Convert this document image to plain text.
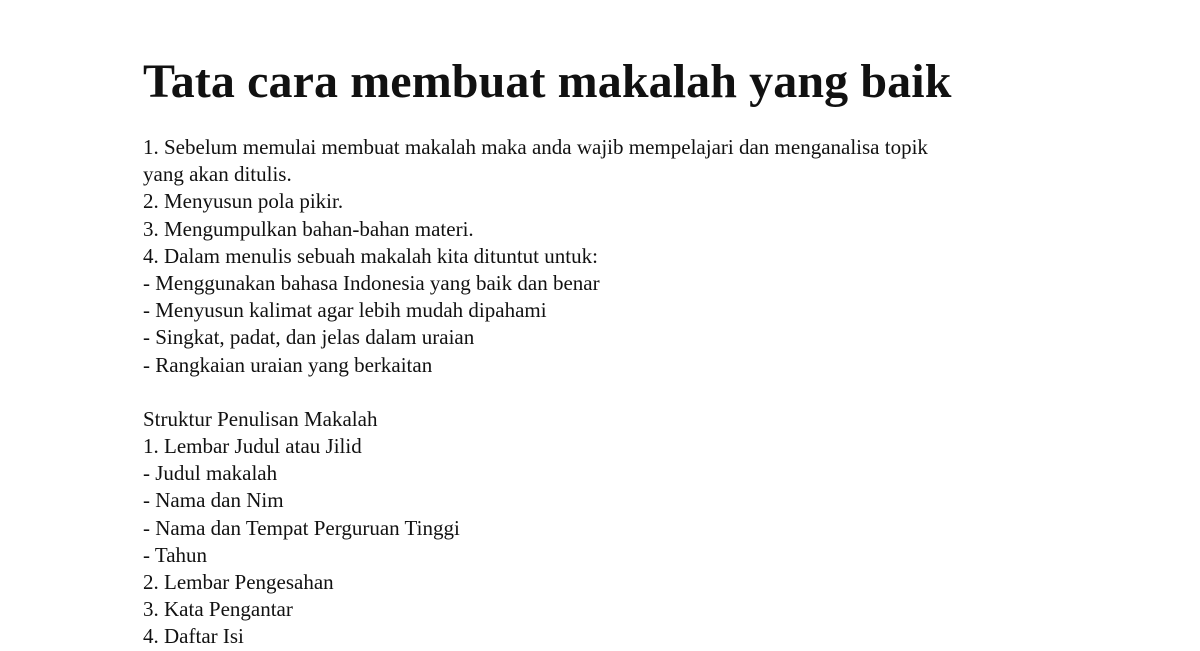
Tata cara membuat makalah yang baik
1. Sebelum memulai membuat makalah maka anda wajib mempelajari dan menganalisa topik
yang akan ditulis.
2. Menyusun pola pikir.
3. Mengumpulkan bahan-bahan materi.
4. Dalam menulis sebuah makalah kita dituntut untuk:
- Menggunakan bahasa Indonesia yang baik dan benar
- Menyusun kalimat agar lebih mudah dipahami
- Singkat, padat, dan jelas dalam uraian
- Rangkaian uraian yang berkaitan
Struktur Penulisan Makalah
1. Lembar Judul atau Jilid
- Judul makalah
- Nama dan Nim
- Nama dan Tempat Perguruan Tinggi
- Tahun
2. Lembar Pengesahan
3. Kata Pengantar
4. Daftar Isi
